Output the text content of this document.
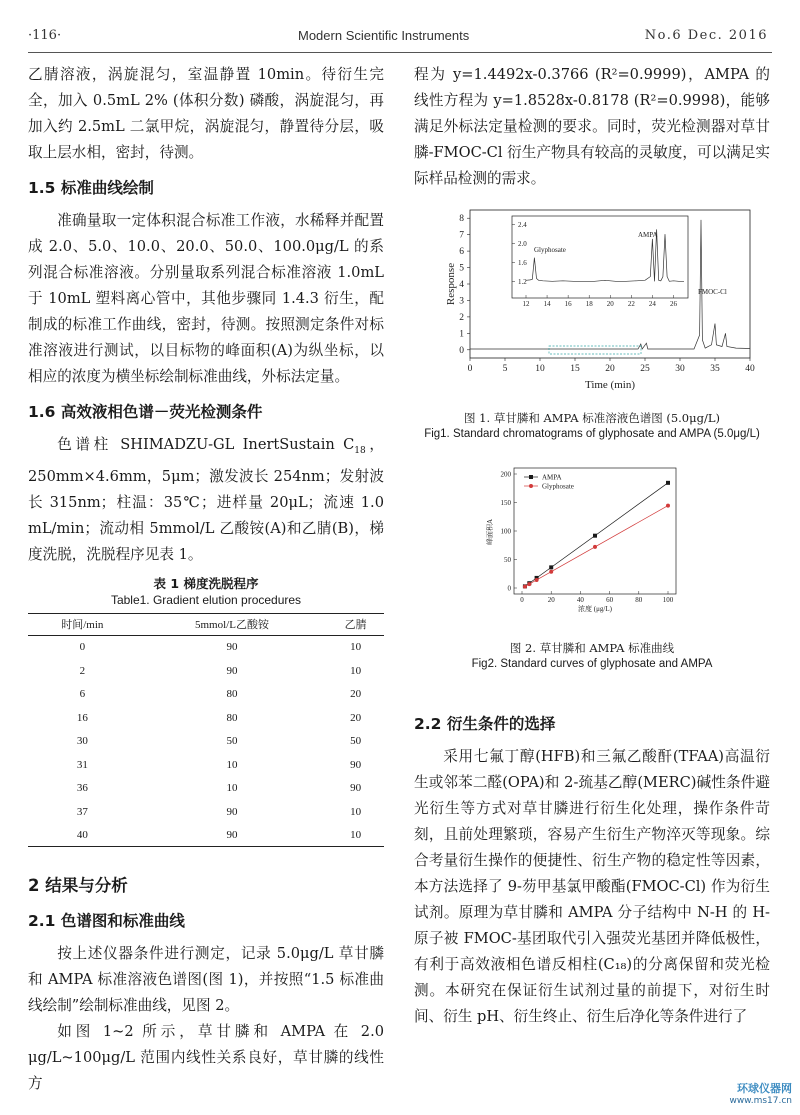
·116·	Modern Scientific Instruments	No.6 Dec. 2016

乙腈溶液，涡旋混匀，室温静置 10min。待衍生完全，加入 0.5mL 2% (体积分数) 磷酸，涡旋混匀，再加入约 2.5mL 二氯甲烷，涡旋混匀，静置待分层，吸取上层水相，密封，待测。

1.5 标准曲线绘制

准确量取一定体积混合标准工作液，水稀释并配置成 2.0、5.0、10.0、20.0、50.0、100.0μg/L 的系列混合标准溶液。分别量取系列混合标准溶液 1.0mL 于 10mL 塑料离心管中，其他步骤同 1.4.3 衍生，配制成的标准工作曲线，密封，待测。按照测定条件对标准溶液进行测试，以目标物的峰面积(A)为纵坐标，以相应的浓度为横坐标绘制标准曲线，外标法定量。

1.6 高效液相色谱－荧光检测条件

色谱柱 SHIMADZU-GL InertSustain $C_{18}$，250mm×4.6mm，5μm；激发波长 254nm；发射波长 315nm；柱温：35℃；进样量 20μL；流速 1.0 mL/min；流动相 5mmol/L 乙酸铵(A)和乙腈(B)，梯度洗脱，洗脱程序见表 1。

表 1 梯度洗脱程序
Table1. Gradient elution procedures
时间/min	5mmol/L乙酸铵	乙腈
0	90	10
2	90	10
6	80	20
16	80	20
30	50	50
31	10	90
36	10	90
37	90	10
40	90	10
2 结果与分析
2.1 色谱图和标准曲线

按上述仪器条件进行测定，记录 5.0μg/L 草甘膦和 AMPA 标准溶液色谱图(图 1)，并按照“1.5 标准曲线绘制”绘制标准曲线，见图 2。

如图 1~2 所示，草甘膦和 AMPA 在 2.0 μg/L~100μg/L 范围内线性关系良好，草甘膦的线性方

程为 y=1.4492x-0.3766 (R²=0.9999)，AMPA 的线性方程为 y=1.8528x-0.8178 (R²=0.9998)，能够满足外标法定量检测的要求。同时，荧光检测器对草甘膦-FMOC-Cl 衍生产物具有较高的灵敏度，可以满足实际样品检测的需求。

0	5	10	15	20	25	30	35	40
0
1
2
3
4
5
6
7
8
12 14 16 18 20 22 24 26
1.2
1.6
2.0
2.4
Glyphosate
AMPA
FMOC-Cl
Time (min)
Response
图 1. 草甘膦和 AMPA 标准溶液色谱图 (5.0μg/L)
Fig1. Standard chromatograms of glyphosate and AMPA (5.0μg/L)
0	20	40	60	80	100
0
50
100
150
200	AMPA
Glyphosate
浓度 (μg/L)
峰面积A
图 2. 草甘膦和 AMPA 标准曲线
Fig2. Standard curves of glyphosate and AMPA
2.2 衍生条件的选择

采用七氟丁醇(HFB)和三氟乙酸酐(TFAA)高温衍生或邻苯二醛(OPA)和 2-巯基乙醇(MERC)碱性条件避光衍生等方式对草甘膦进行衍生化处理，操作条件苛刻，且前处理繁琐，容易产生衍生产物淬灭等现象。综合考量衍生操作的便捷性、衍生产物的稳定性等因素，本方法选择了 9-芴甲基氯甲酸酯(FMOC-Cl) 作为衍生试剂。原理为草甘膦和 AMPA 分子结构中 N-H 的 H-原子被 FMOC-基团取代引入强荧光基团并降低极性，有利于高效液相色谱反相柱(C₁₈)的分离保留和荧光检测。本研究在保证衍生试剂过量的前提下，对衍生时间、衍生 pH、衍生终止、衍生后净化等条件进行了

环球仪器网
www.ms17.cn
